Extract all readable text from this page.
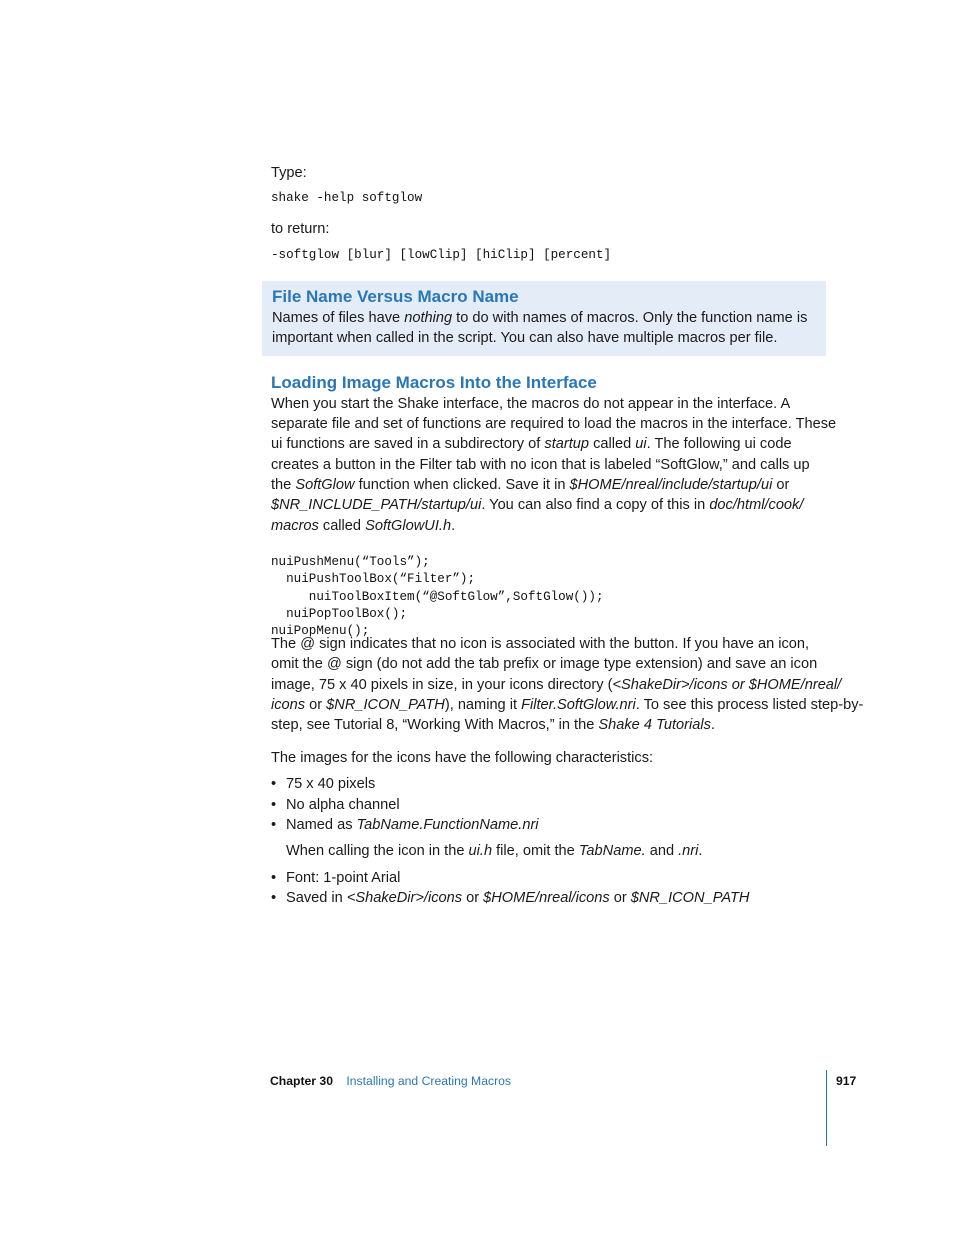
Type:
shake -help softglow
to return:
-softglow [blur] [lowClip] [hiClip] [percent]
File Name Versus Macro Name
Names of files have nothing to do with names of macros. Only the function name is
important when called in the script. You can also have multiple macros per file.
Loading Image Macros Into the Interface
When you start the Shake interface, the macros do not appear in the interface. A
separate file and set of functions are required to load the macros in the interface. These
ui functions are saved in a subdirectory of startup called ui. The following ui code
creates a button in the Filter tab with no icon that is labeled “SoftGlow,” and calls up
the SoftGlow function when clicked. Save it in $HOME/nreal/include/startup/ui or
$NR_INCLUDE_PATH/startup/ui. You can also find a copy of this in doc/html/cook/
macros called SoftGlowUI.h.

nuiPushMenu(“Tools”);
nuiPushToolBox(“Filter”);
nuiToolBoxItem(“@SoftGlow”,SoftGlow());
nuiPopToolBox();
nuiPopMenu();
The @ sign indicates that no icon is associated with the button. If you have an icon,
omit the @ sign (do not add the tab prefix or image type extension) and save an icon
image, 75 x 40 pixels in size, in your icons directory (<ShakeDir>/icons or $HOME/nreal/
icons or $NR_ICON_PATH), naming it Filter.SoftGlow.nri. To see this process listed step-by-
step, see Tutorial 8, “Working With Macros,” in the Shake 4 Tutorials.
The images for the icons have the following characteristics:
• 75 x 40 pixels
• No alpha channel
• Named as TabName.FunctionName.nri
When calling the icon in the ui.h file, omit the TabName. and .nri.
• Font: 1-point Arial
• Saved in <ShakeDir>/icons or $HOME/nreal/icons or $NR_ICON_PATH
Chapter 30 Installing and Creating Macros	917
